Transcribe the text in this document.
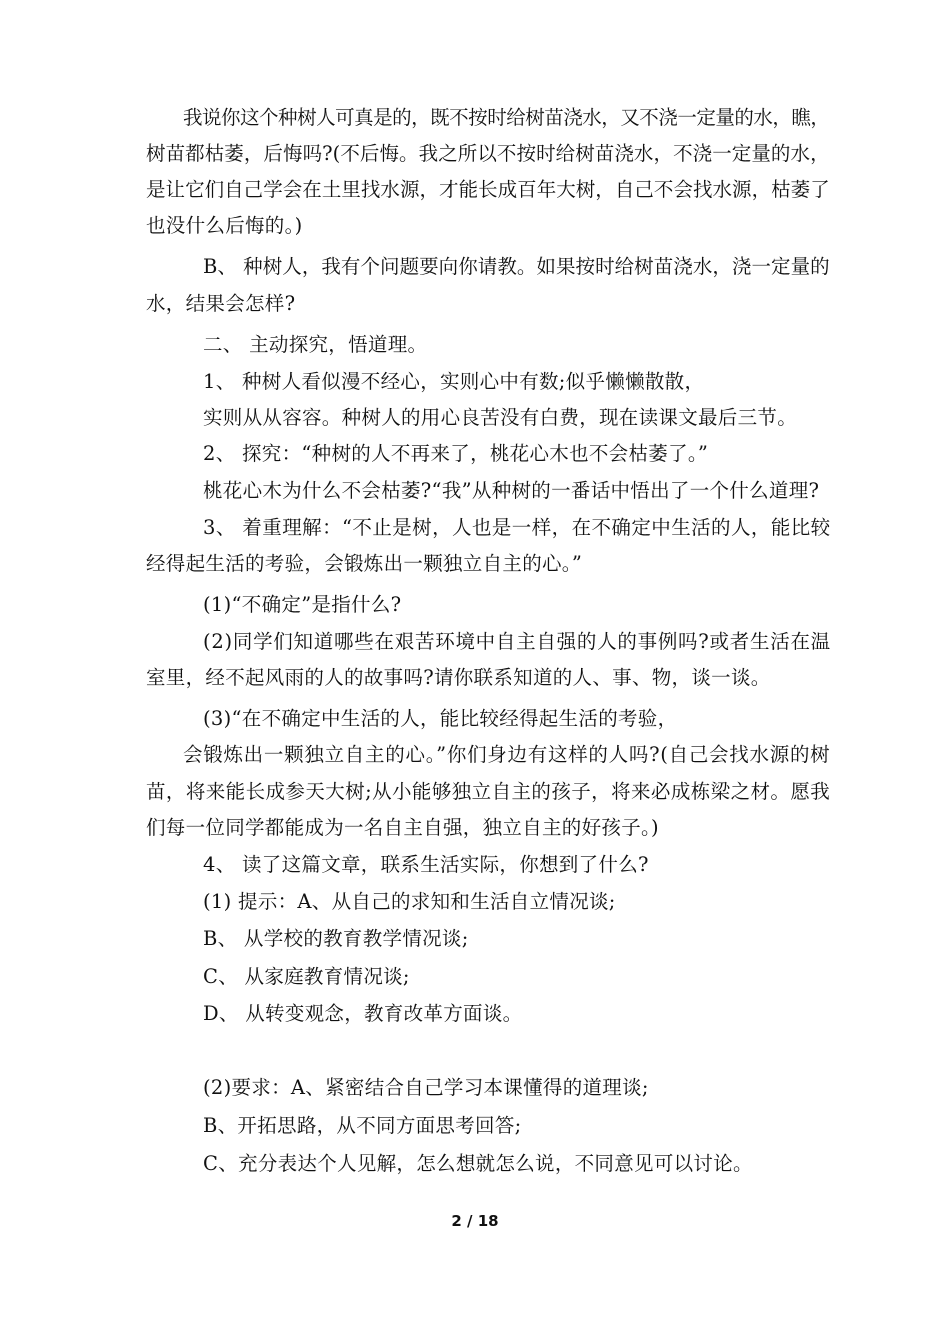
我说你这个种树人可真是的，既不按时给树苗浇水，又不浇一定量的水，瞧，
树苗都枯萎，后悔吗?(不后悔。我之所以不按时给树苗浇水，不浇一定量的水，
是让它们自己学会在土里找水源，才能长成百年大树，自己不会找水源，枯萎了
也没什么后悔的。)
B、 种树人，我有个问题要向你请教。如果按时给树苗浇水，浇一定量的
水，结果会怎样?
二、 主动探究，悟道理。
1、 种树人看似漫不经心，实则心中有数;似乎懒懒散散，
实则从从容容。种树人的用心良苦没有白费，现在读课文最后三节。
2、 探究：“种树的人不再来了，桃花心木也不会枯萎了。”
桃花心木为什么不会枯萎?“我”从种树的一番话中悟出了一个什么道理?
3、 着重理解：“不止是树，人也是一样，在不确定中生活的人，能比较
经得起生活的考验，会锻炼出一颗独立自主的心。”
(1)“不确定”是指什么?
(2)同学们知道哪些在艰苦环境中自主自强的人的事例吗?或者生活在温
室里，经不起风雨的人的故事吗?请你联系知道的人、事、物，谈一谈。
(3)“在不确定中生活的人，能比较经得起生活的考验，
会锻炼出一颗独立自主的心。”你们身边有这样的人吗?(自己会找水源的树
苗，将来能长成参天大树;从小能够独立自主的孩子，将来必成栋梁之材。愿我
们每一位同学都能成为一名自主自强，独立自主的好孩子。)
4、 读了这篇文章，联系生活实际，你想到了什么?
(1) 提示：A、从自己的求知和生活自立情况谈;
B、 从学校的教育教学情况谈;
C、 从家庭教育情况谈;
D、 从转变观念，教育改革方面谈。
(2)要求：A、紧密结合自己学习本课懂得的道理谈;
B、开拓思路，从不同方面思考回答;
C、充分表达个人见解，怎么想就怎么说，不同意见可以讨论。
2 / 18
